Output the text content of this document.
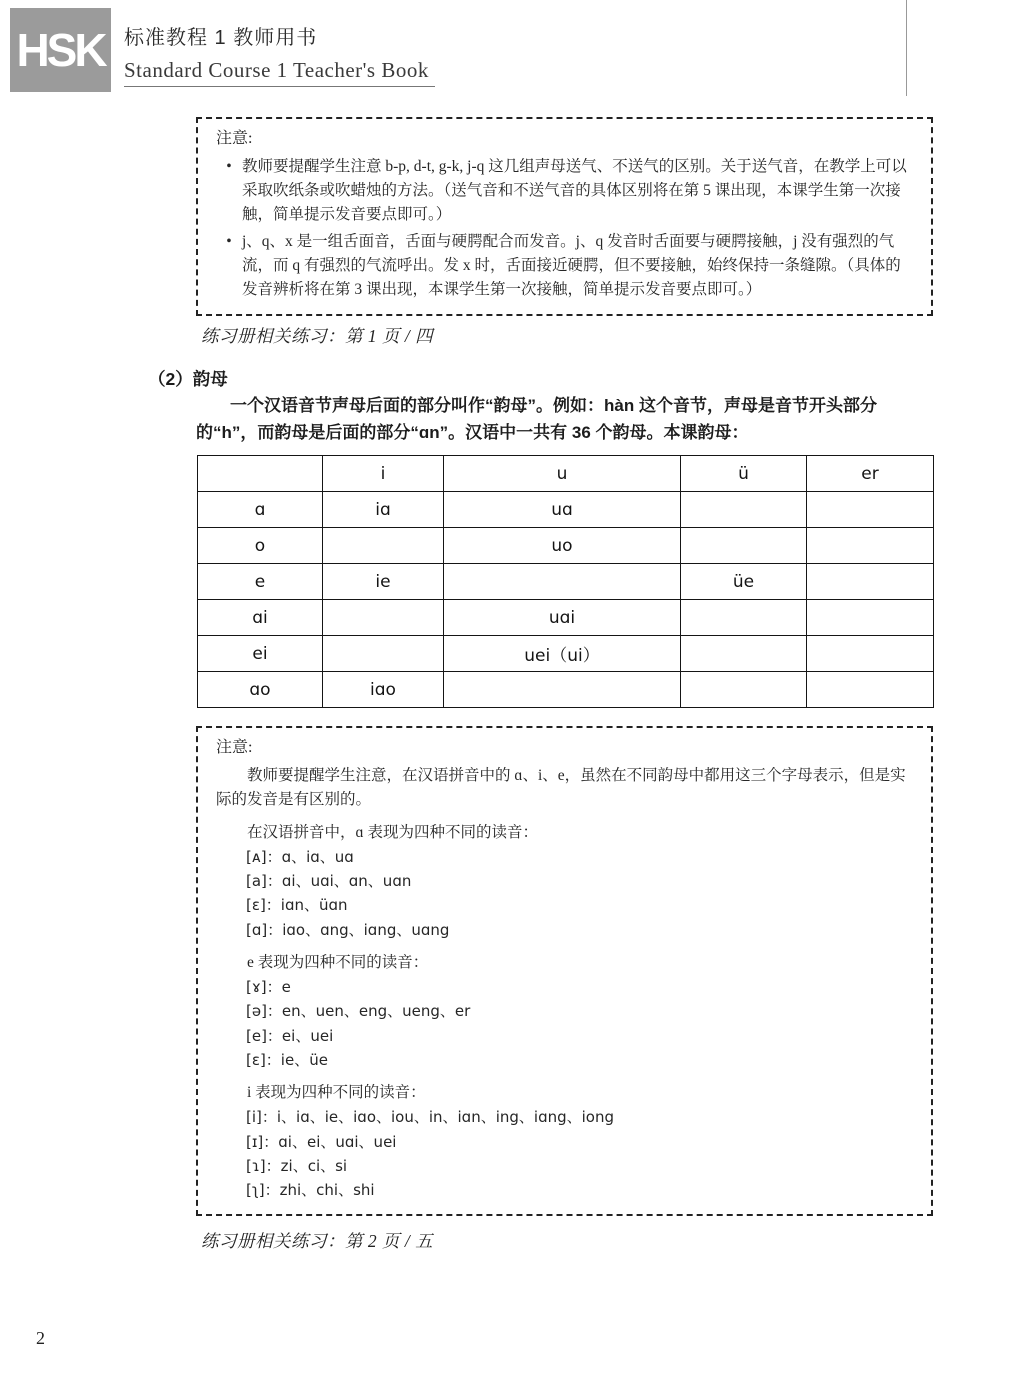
HSK 标准教程 1 教师用书
Standard Course 1 Teacher's Book
注意:
• 教师要提醒学生注意 b-p, d-t, g-k, j-q 这几组声母送气、不送气的区别。关于送气音，在教学上可以采取吹纸条或吹蜡烛的方法。（送气音和不送气音的具体区别将在第 5 课出现，本课学生第一次接触，简单提示发音要点即可。）
• j、q、x 是一组舌面音，舌面与硬腭配合而发音。j、q 发音时舌面要与硬腭接触，j 没有强烈的气流，而 q 有强烈的气流呼出。发 x 时，舌面接近硬腭，但不要接触，始终保持一条缝隙。（具体的发音辨析将在第 3 课出现，本课学生第一次接触，简单提示发音要点即可。）
练习册相关练习：第 1 页 / 四
（2）韵母
一个汉语音节声母后面的部分叫作“韵母”。例如：hàn 这个音节，声母是音节开头部分的“h”，而韵母是后面的部分“ɑn”。汉语中一共有 36 个韵母。本课韵母：
	i	u	ü	er
ɑ	iɑ	uɑ		
o		uo		
e	ie		üe	
ɑi		uɑi		
ei		uei（ui）		
ɑo	iɑo			
注意:
教师要提醒学生注意，在汉语拼音中的 ɑ、i、e，虽然在不同韵母中都用这三个字母表示，但是实际的发音是有区别的。
在汉语拼音中，ɑ 表现为四种不同的读音：
[ᴀ]：ɑ、iɑ、uɑ
[a]：ɑi、uɑi、ɑn、uɑn
[ɛ]：iɑn、üɑn
[ɑ]：iɑo、ɑng、iɑng、uɑng
e 表现为四种不同的读音：
[ɤ]：e
[ə]：en、uen、eng、ueng、er
[e]：ei、uei
[ɛ]：ie、üe
i 表现为四种不同的读音：
[i]：i、iɑ、ie、iɑo、iou、in、iɑn、ing、iɑng、iong
[ɪ]：ɑi、ei、uɑi、uei
[ɿ]：zi、ci、si
[ʅ]：zhi、chi、shi
练习册相关练习：第 2 页 / 五
2
